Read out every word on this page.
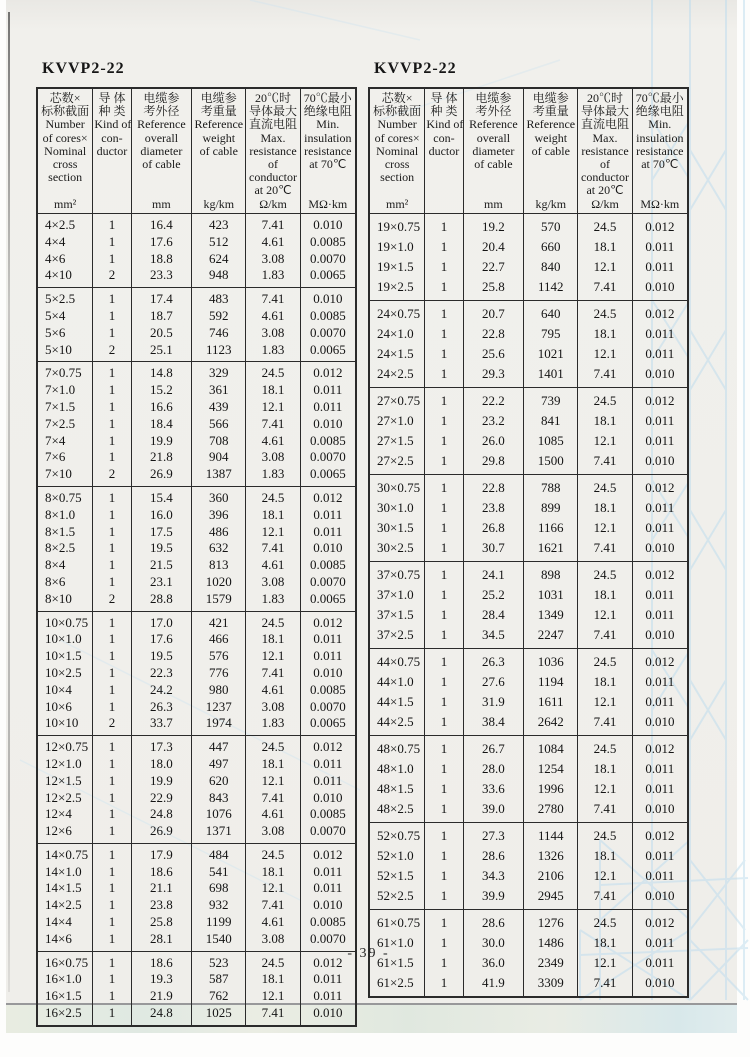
KVVP2-22
芯数×
标称截面
Number
of cores×
Nominal
cross
section
mm²

导 体
种 类
Kind of
con-
ductor

电缆参
考外径
Reference
overall
diameter
of cable
mm

电缆参
考重量
Reference
weight
of cable
kg/km

20℃时
导体最大
直流电阻
Max.
resistance
of
conductor
at 20℃
Ω/km

70℃最小
绝缘电阻
Min.
insulation
resistance
at 70℃
MΩ·km

4×2.5	1	16.4	423	7.41	0.010
4×4	1	17.6	512	4.61	0.0085
4×6	1	18.8	624	3.08	0.0070
4×10	2	23.3	948	1.83	0.0065
5×2.5	1	17.4	483	7.41	0.010
5×4	1	18.7	592	4.61	0.0085
5×6	1	20.5	746	3.08	0.0070
5×10	2	25.1	1123	1.83	0.0065
7×0.75	1	14.8	329	24.5	0.012
7×1.0	1	15.2	361	18.1	0.011
7×1.5	1	16.6	439	12.1	0.011
7×2.5	1	18.4	566	7.41	0.010
7×4	1	19.9	708	4.61	0.0085
7×6	1	21.8	904	3.08	0.0070
7×10	2	26.9	1387	1.83	0.0065
8×0.75	1	15.4	360	24.5	0.012
8×1.0	1	16.0	396	18.1	0.011
8×1.5	1	17.5	486	12.1	0.011
8×2.5	1	19.5	632	7.41	0.010
8×4	1	21.5	813	4.61	0.0085
8×6	1	23.1	1020	3.08	0.0070
8×10	2	28.8	1579	1.83	0.0065
10×0.75	1	17.0	421	24.5	0.012
10×1.0	1	17.6	466	18.1	0.011
10×1.5	1	19.5	576	12.1	0.011
10×2.5	1	22.3	776	7.41	0.010
10×4	1	24.2	980	4.61	0.0085
10×6	1	26.3	1237	3.08	0.0070
10×10	2	33.7	1974	1.83	0.0065
12×0.75	1	17.3	447	24.5	0.012
12×1.0	1	18.0	497	18.1	0.011
12×1.5	1	19.9	620	12.1	0.011
12×2.5	1	22.9	843	7.41	0.010
12×4	1	24.8	1076	4.61	0.0085
12×6	1	26.9	1371	3.08	0.0070
14×0.75	1	17.9	484	24.5	0.012
14×1.0	1	18.6	541	18.1	0.011
14×1.5	1	21.1	698	12.1	0.011
14×2.5	1	23.8	932	7.41	0.010
14×4	1	25.8	1199	4.61	0.0085
14×6	1	28.1	1540	3.08	0.0070
16×0.75	1	18.6	523	24.5	0.012
16×1.0	1	19.3	587	18.1	0.011
16×1.5	1	21.9	762	12.1	0.011
16×2.5	1	24.8	1025	7.41	0.010
KVVP2-22
芯数×
标称截面
Number
of cores×
Nominal
cross
section
mm²

导 体
种 类
Kind of
con-
ductor

电缆参
考外径
Reference
overall
diameter
of cable
mm

电缆参
考重量
Reference
weight
of cable
kg/km

20℃时
导体最大
直流电阻
Max.
resistance
of
conductor
at 20℃
Ω/km

70℃最小
绝缘电阻
Min.
insulation
resistance
at 70℃
MΩ·km

19×0.75	1	19.2	570	24.5	0.012
19×1.0	1	20.4	660	18.1	0.011
19×1.5	1	22.7	840	12.1	0.011
19×2.5	1	25.8	1142	7.41	0.010
24×0.75	1	20.7	640	24.5	0.012
24×1.0	1	22.8	795	18.1	0.011
24×1.5	1	25.6	1021	12.1	0.011
24×2.5	1	29.3	1401	7.41	0.010
27×0.75	1	22.2	739	24.5	0.012
27×1.0	1	23.2	841	18.1	0.011
27×1.5	1	26.0	1085	12.1	0.011
27×2.5	1	29.8	1500	7.41	0.010
30×0.75	1	22.8	788	24.5	0.012
30×1.0	1	23.8	899	18.1	0.011
30×1.5	1	26.8	1166	12.1	0.011
30×2.5	1	30.7	1621	7.41	0.010
37×0.75	1	24.1	898	24.5	0.012
37×1.0	1	25.2	1031	18.1	0.011
37×1.5	1	28.4	1349	12.1	0.011
37×2.5	1	34.5	2247	7.41	0.010
44×0.75	1	26.3	1036	24.5	0.012
44×1.0	1	27.6	1194	18.1	0.011
44×1.5	1	31.9	1611	12.1	0.011
44×2.5	1	38.4	2642	7.41	0.010
48×0.75	1	26.7	1084	24.5	0.012
48×1.0	1	28.0	1254	18.1	0.011
48×1.5	1	33.6	1996	12.1	0.011
48×2.5	1	39.0	2780	7.41	0.010
52×0.75	1	27.3	1144	24.5	0.012
52×1.0	1	28.6	1326	18.1	0.011
52×1.5	1	34.3	2106	12.1	0.011
52×2.5	1	39.9	2945	7.41	0.010
61×0.75	1	28.6	1276	24.5	0.012
61×1.0	1	30.0	1486	18.1	0.011
61×1.5	1	36.0	2349	12.1	0.011
61×2.5	1	41.9	3309	7.41	0.010
- 39 -
